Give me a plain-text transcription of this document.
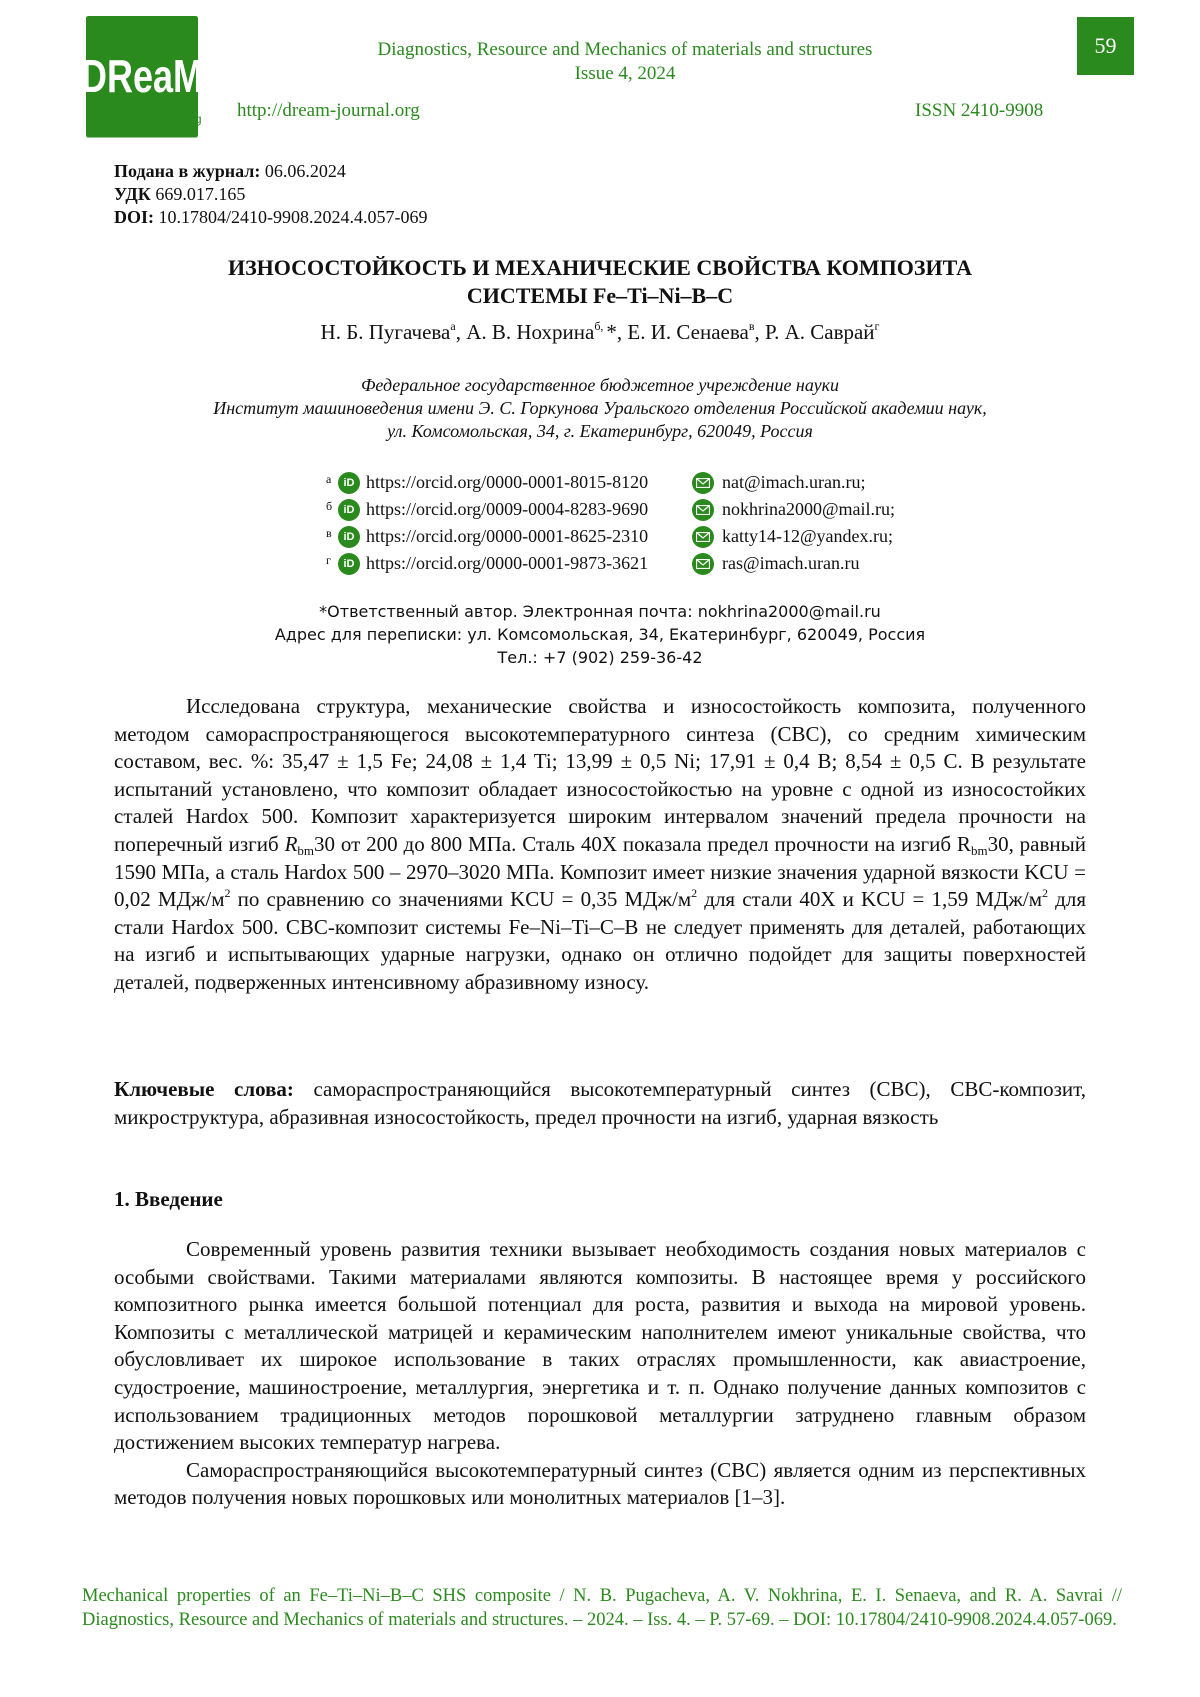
DReaM
http://dream-journal.org
Diagnostics, Resource and Mechanics of materials and structures
Issue 4, 2024
59
http://dream-journal.org	ISSN 2410-9908
Подана в журнал: 06.06.2024
УДК 669.017.165
DOI: 10.17804/2410-9908.2024.4.057-069
ИЗНОСОСТОЙКОСТЬ И МЕХАНИЧЕСКИЕ СВОЙСТВА КОМПОЗИТА
СИСТЕМЫ Fe–Ti–Ni–B–C
Н. Б. Пугачева$^а$, А. В. Нохрина$^{б,}$ *, Е. И. Сенаева$^в$, Р. А. Саврай$^г$
Федеральное государственное бюджетное учреждение науки
Институт машиноведения имени Э. С. Горкунова Уральского отделения Российской академии наук,
ул. Комсомольская, 34, г. Екатеринбург, 620049, Россия
а	iD https://orcid.org/0000-0001-8015-8120	nat@imach.uran.ru;
б	iD https://orcid.org/0009-0004-8283-9690	nokhrina2000@mail.ru;
в	iD https://orcid.org/0000-0001-8625-2310	katty14-12@yandex.ru;
г	iD https://orcid.org/0000-0001-9873-3621	ras@imach.uran.ru
*Ответственный автор. Электронная почта: nokhrina2000@mail.ru
Адрес для переписки: ул. Комсомольская, 34, Екатеринбург, 620049, Россия
Тел.: +7 (902) 259-36-42

Исследована структура, механические свойства и износостойкость композита, полученного методом самораспространяющегося высокотемпературного синтеза (СВС), со средним химическим составом, вес. %: 35,47 ± 1,5 Fe; 24,08 ± 1,4 Ti; 13,99 ± 0,5 Ni; 17,91 ± 0,4 B; 8,54 ± 0,5 C. В результате испытаний установлено, что композит обладает износостойкостью на уровне с одной из износостойких сталей Hardox 500. Композит характеризуется широким интервалом значений предела прочности на поперечный изгиб $R_{bm}30$ от 200 до 800 МПа. Сталь 40Х показала предел прочности на изгиб $R_{bm}30$, равный 1590 МПа, а сталь Hardox 500 – 2970–3020 МПа. Композит имеет низкие значения ударной вязкости KCU = 0,02 МДж/$м^2$ по сравнению со значениями KCU = 0,35 МДж/$м^2$ для стали 40Х и KCU = 1,59 МДж/$м^2$ для стали Hardox 500. СВС-композит системы Fe–Ni–Ti–C–B не следует применять для деталей, работающих на изгиб и испытывающих ударные нагрузки, однако он отлично подойдет для защиты поверхностей деталей, подверженных интенсивному абразивному износу.

Ключевые слова: самораспространяющийся высокотемпературный синтез (СВС), СВС-композит, микроструктура, абразивная износостойкость, предел прочности на изгиб, ударная вязкость

1. Введение

Современный уровень развития техники вызывает необходимость создания новых материалов с особыми свойствами. Такими материалами являются композиты. В настоящее время у российского композитного рынка имеется большой потенциал для роста, развития и выхода на мировой уровень. Композиты с металлической матрицей и керамическим наполнителем имеют уникальные свойства, что обусловливает их широкое использование в таких отраслях промышленности, как авиастроение, судостроение, машиностроение, металлургия, энергетика и т. п. Однако получение данных композитов с использованием традиционных методов порошковой металлургии затруднено главным образом достижением высоких температур нагрева.

Самораспространяющийся высокотемпературный синтез (СВС) является одним из перспективных методов получения новых порошковых или монолитных материалов [1–3].

Mechanical properties of an Fe–Ti–Ni–B–C SHS composite / N. B. Pugacheva, A. V. Nokhrina, E. I. Senaeva, and R. A. Savrai // Diagnostics, Resource and Mechanics of materials and structures. – 2024. – Iss. 4. – P. 57-69. – DOI: 10.17804/2410-9908.2024.4.057-069.
